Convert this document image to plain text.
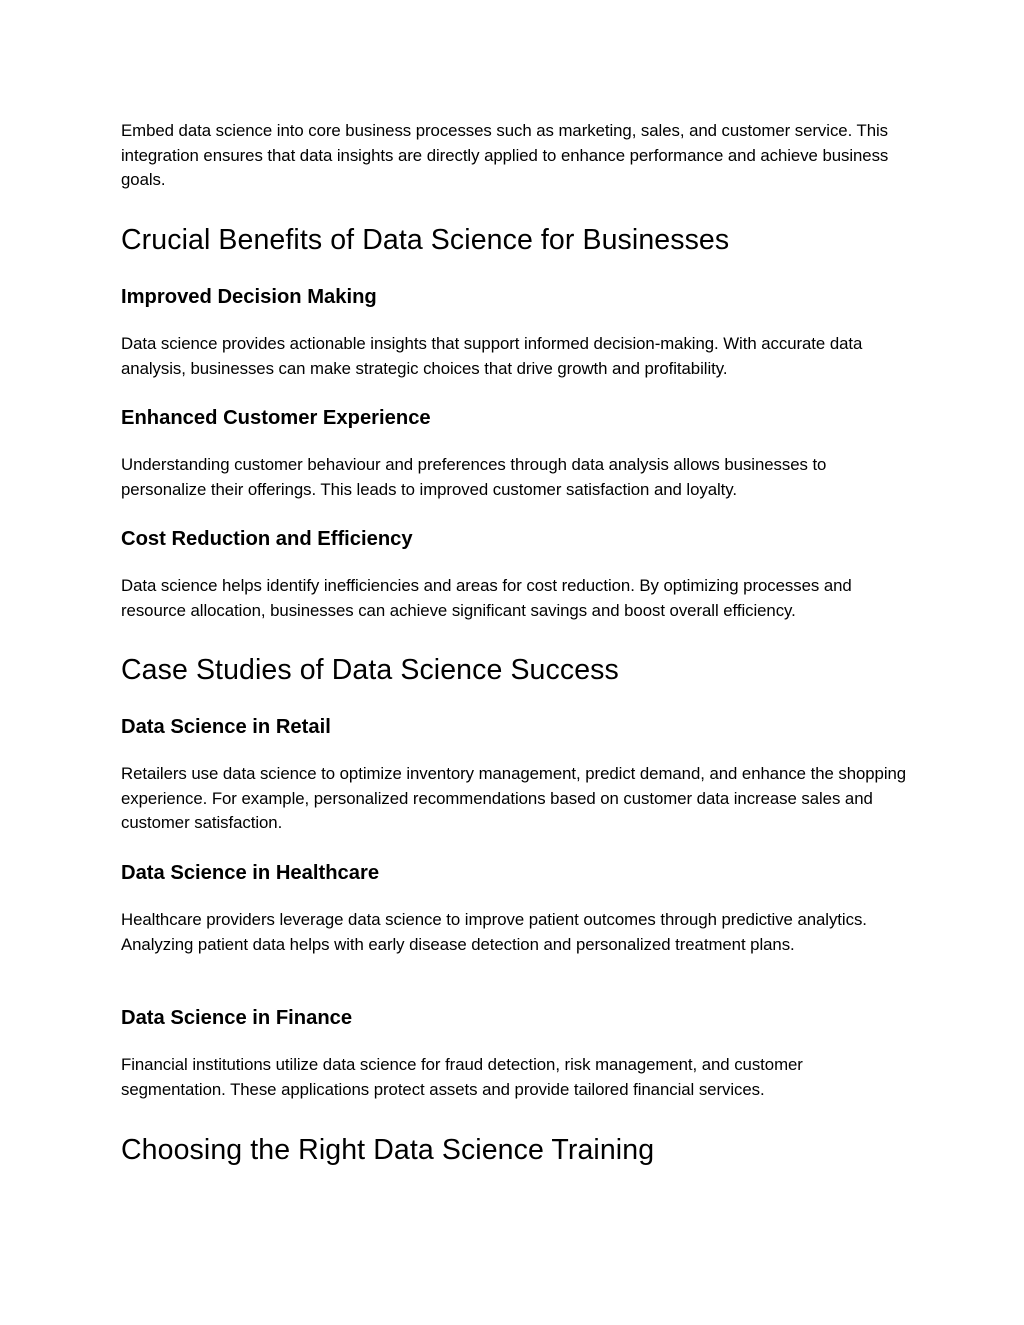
Embed data science into core business processes such as marketing, sales, and customer service. This integration ensures that data insights are directly applied to enhance performance and achieve business goals.

Crucial Benefits of Data Science for Businesses
Improved Decision Making

Data science provides actionable insights that support informed decision-making. With accurate data analysis, businesses can make strategic choices that drive growth and profitability.

Enhanced Customer Experience

Understanding customer behaviour and preferences through data analysis allows businesses to personalize their offerings. This leads to improved customer satisfaction and loyalty.

Cost Reduction and Efficiency

Data science helps identify inefficiencies and areas for cost reduction. By optimizing processes and resource allocation, businesses can achieve significant savings and boost overall efficiency.

Case Studies of Data Science Success
Data Science in Retail

Retailers use data science to optimize inventory management, predict demand, and enhance the shopping experience. For example, personalized recommendations based on customer data increase sales and customer satisfaction.

Data Science in Healthcare

Healthcare providers leverage data science to improve patient outcomes through predictive analytics. Analyzing patient data helps with early disease detection and personalized treatment plans.

Data Science in Finance

Financial institutions utilize data science for fraud detection, risk management, and customer segmentation. These applications protect assets and provide tailored financial services.

Choosing the Right Data Science Training
